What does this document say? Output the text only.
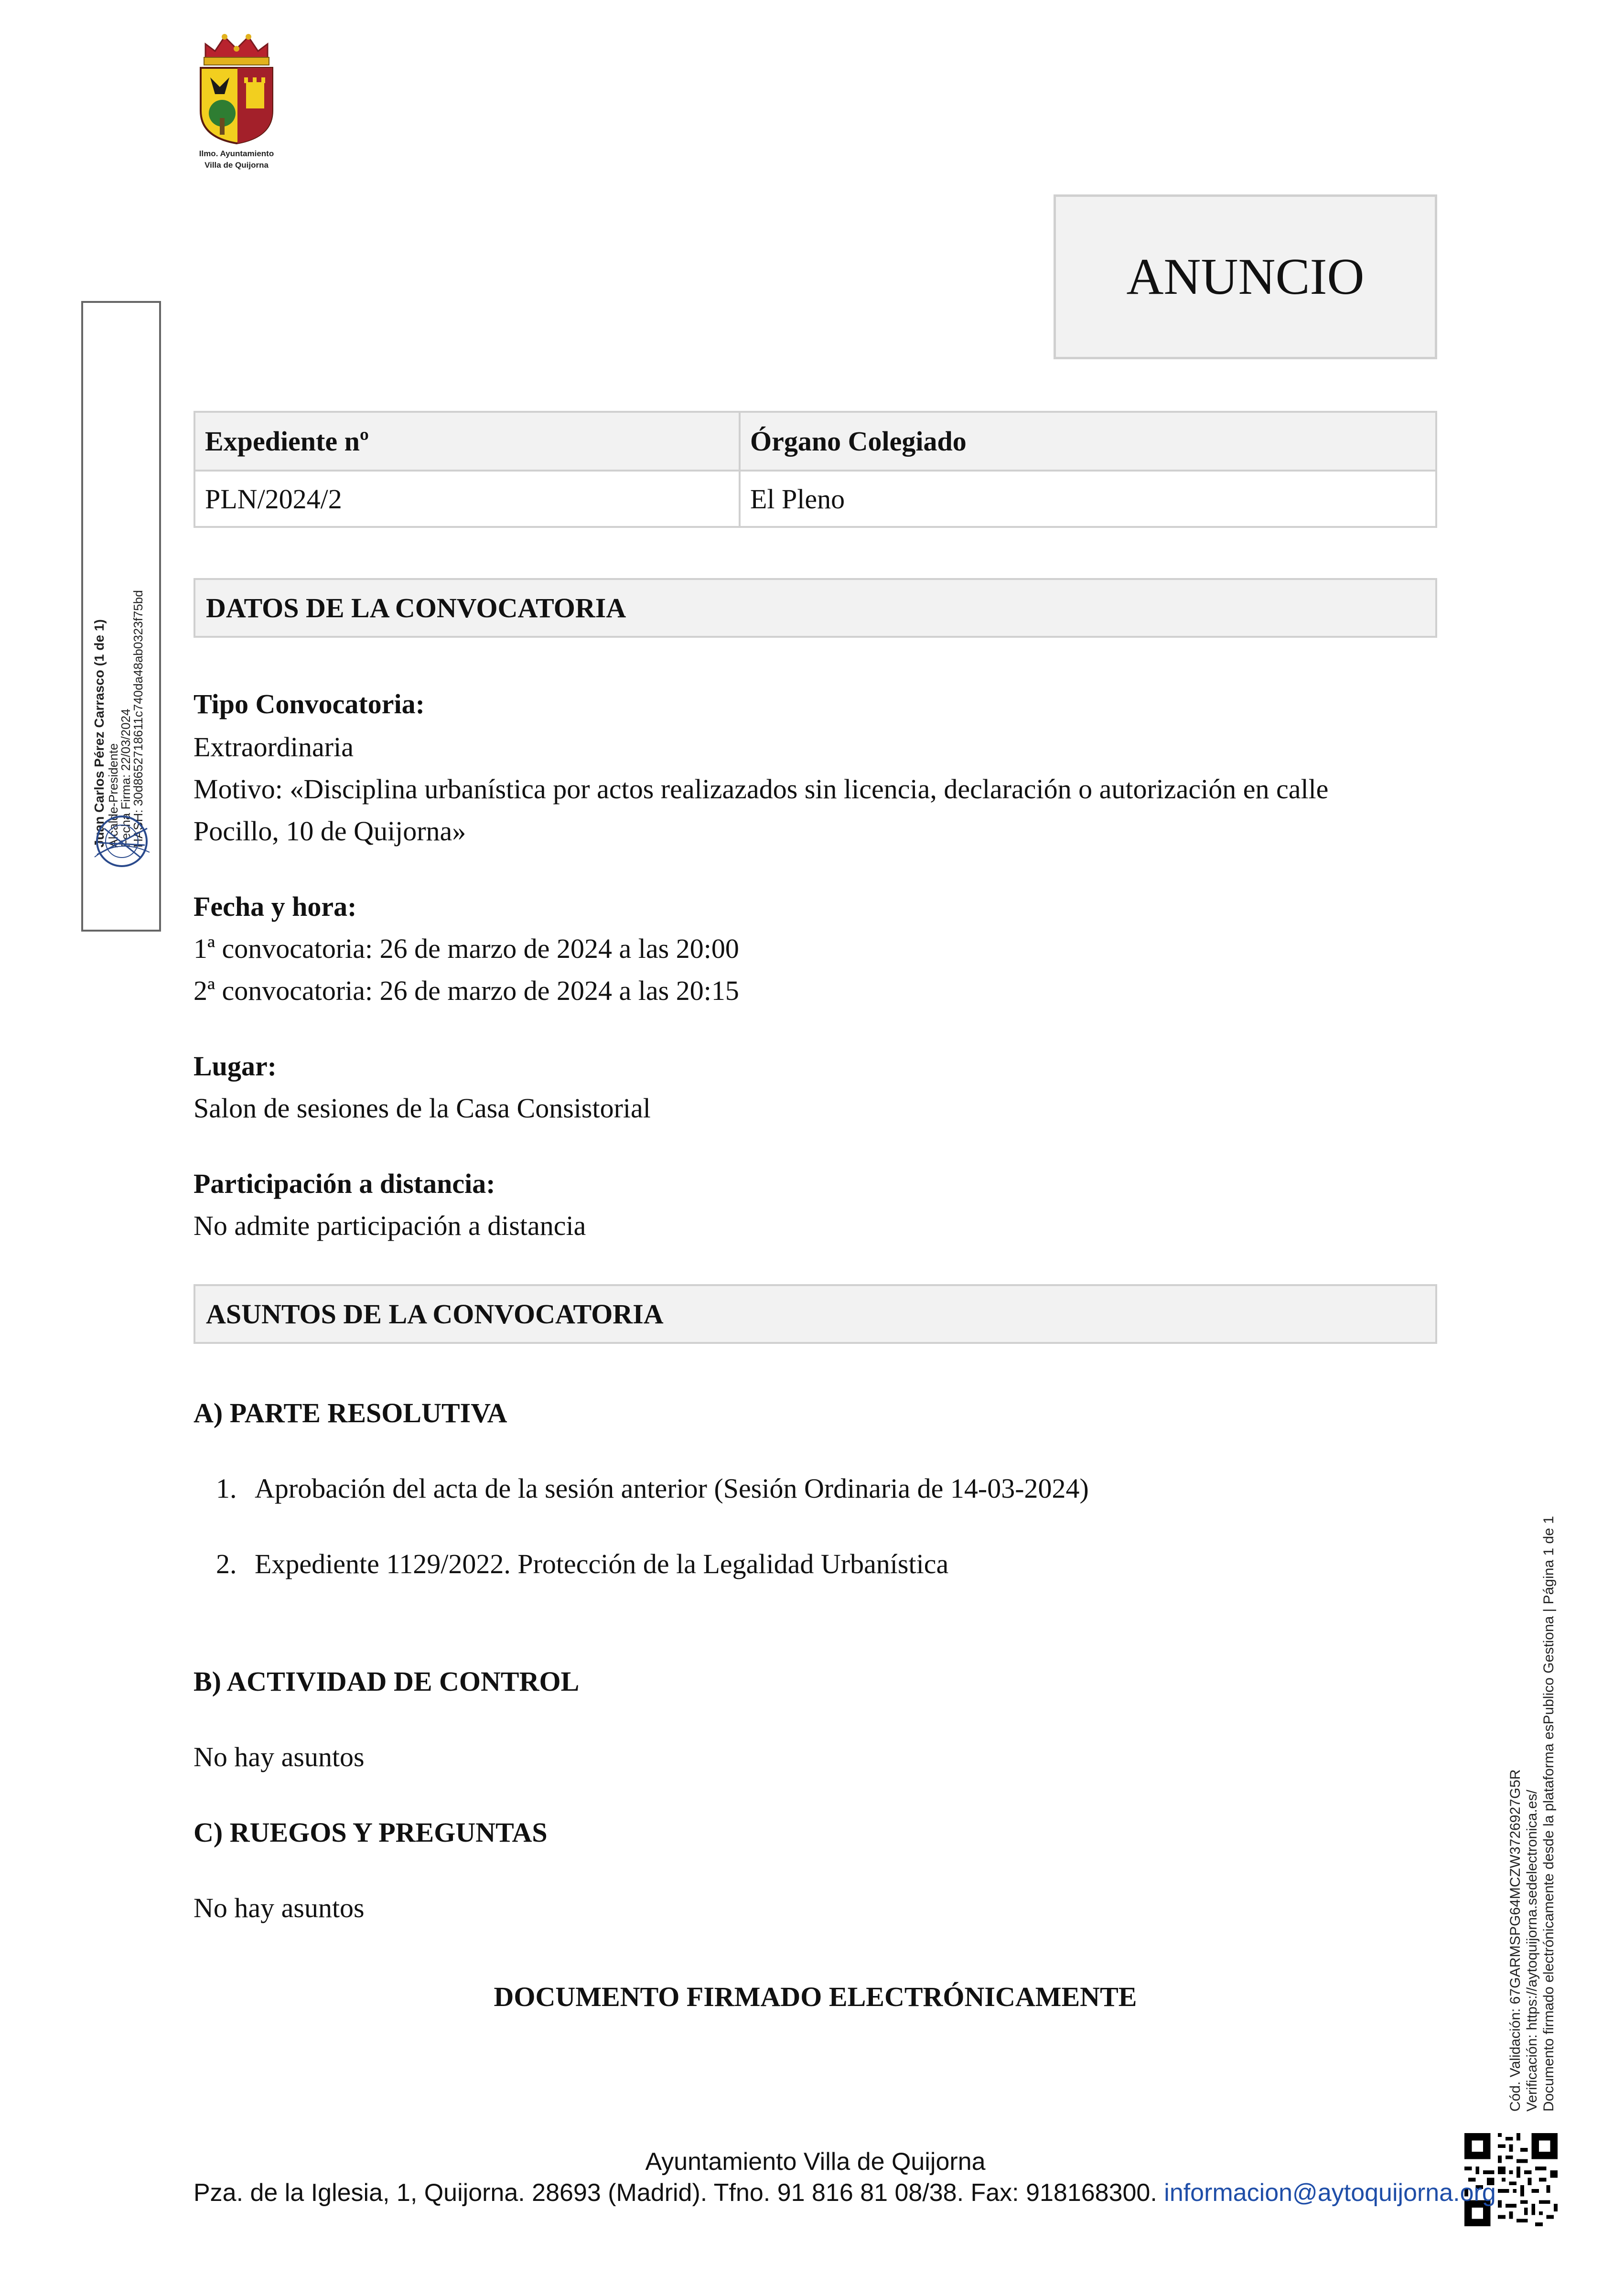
Ilmo. Ayuntamiento
Villa de Quijorna
ANUNCIO
Expediente nº	Órgano Colegiado
PLN/2024/2	El Pleno
DATOS DE LA CONVOCATORIA
Tipo Convocatoria:
Extraordinaria
Motivo: «Disciplina urbanística por actos realizazados sin licencia, declaración o autorización en calle
Pocillo, 10 de Quijorna»
Fecha y hora:
1ª convocatoria: 26 de marzo de 2024 a las 20:00
2ª convocatoria: 26 de marzo de 2024 a las 20:15
Lugar:
Salon de sesiones de la Casa Consistorial
Participación a distancia:
No admite participación a distancia
ASUNTOS DE LA CONVOCATORIA
A) PARTE RESOLUTIVA
1. Aprobación del acta de la sesión anterior (Sesión Ordinaria de 14-03-2024)
2. Expediente 1129/2022. Protección de la Legalidad Urbanística
B) ACTIVIDAD DE CONTROL
No hay asuntos
C) RUEGOS Y PREGUNTAS
No hay asuntos
DOCUMENTO FIRMADO ELECTRÓNICAMENTE
Juan Carlos Pérez Carrasco (1 de 1) Alcalde-Presidente
Fecha Firma: 22/03/2024
HASH: 30d8652718611c740da48ab0323f75bd
Cód. Validación: 67GARMSPG64MCZW3726927G5R Verificación: https://aytoquijorna.sedelectronica.es/ Documento firmado electrónicamente desde la plataforma esPublico Gestiona | Página 1 de 1
Ayuntamiento Villa de Quijorna
Pza. de la Iglesia, 1, Quijorna. 28693 (Madrid). Tfno. 91 816 81 08/38. Fax: 918168300. informacion@aytoquijorna.org
